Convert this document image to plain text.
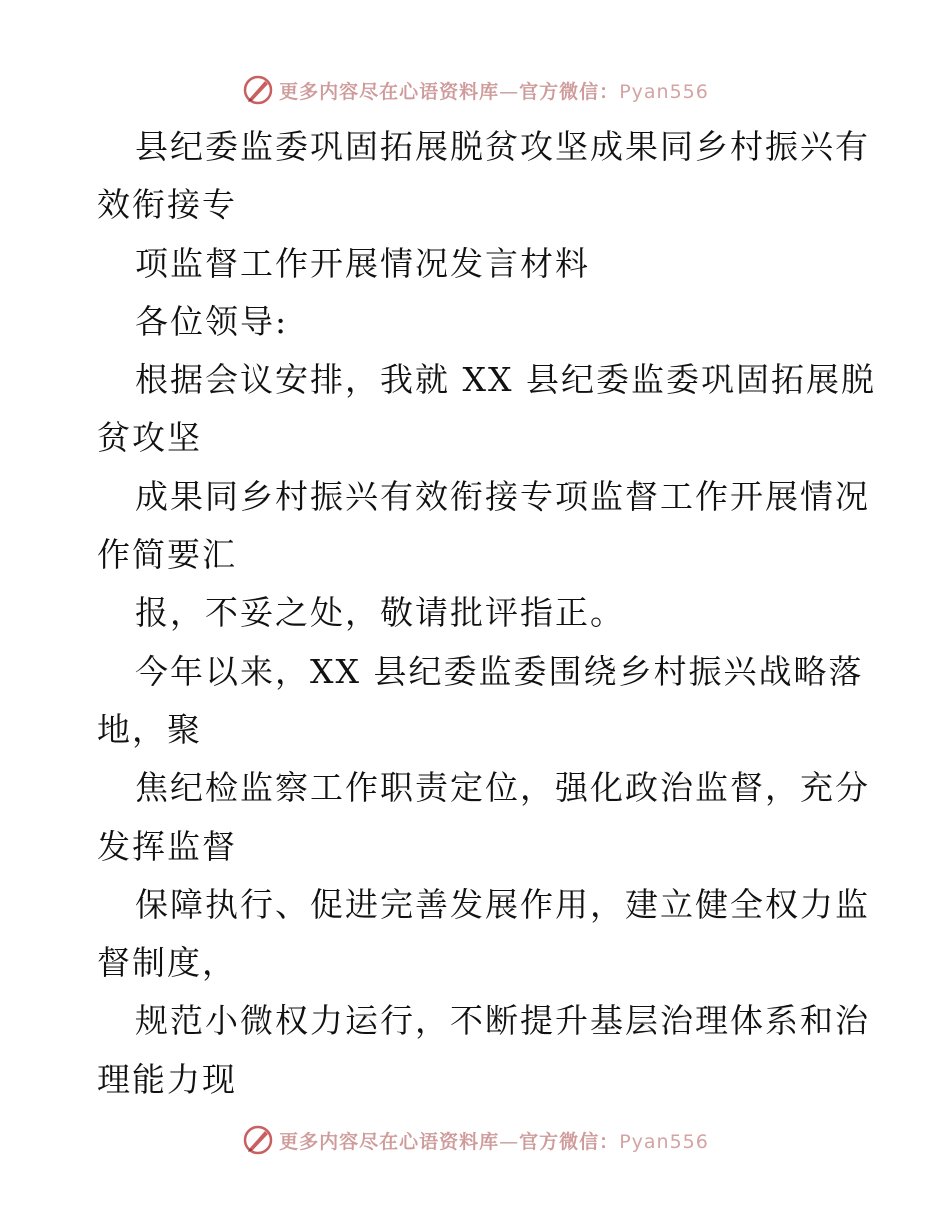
更多内容尽在心语资料库—官方微信：Pyan556
县纪委监委巩固拓展脱贫攻坚成果同乡村振兴有
效衔接专
项监督工作开展情况发言材料
各位领导:
根据会议安排，我就 XX 县纪委监委巩固拓展脱
贫攻坚
成果同乡村振兴有效衔接专项监督工作开展情况
作简要汇
报，不妥之处，敬请批评指正。
今年以来，XX 县纪委监委围绕乡村振兴战略落
地，聚
焦纪检监察工作职责定位，强化政治监督，充分
发挥监督
保障执行、促进完善发展作用，建立健全权力监
督制度，
规范小微权力运行，不断提升基层治理体系和治
理能力现
更多内容尽在心语资料库—官方微信：Pyan556
